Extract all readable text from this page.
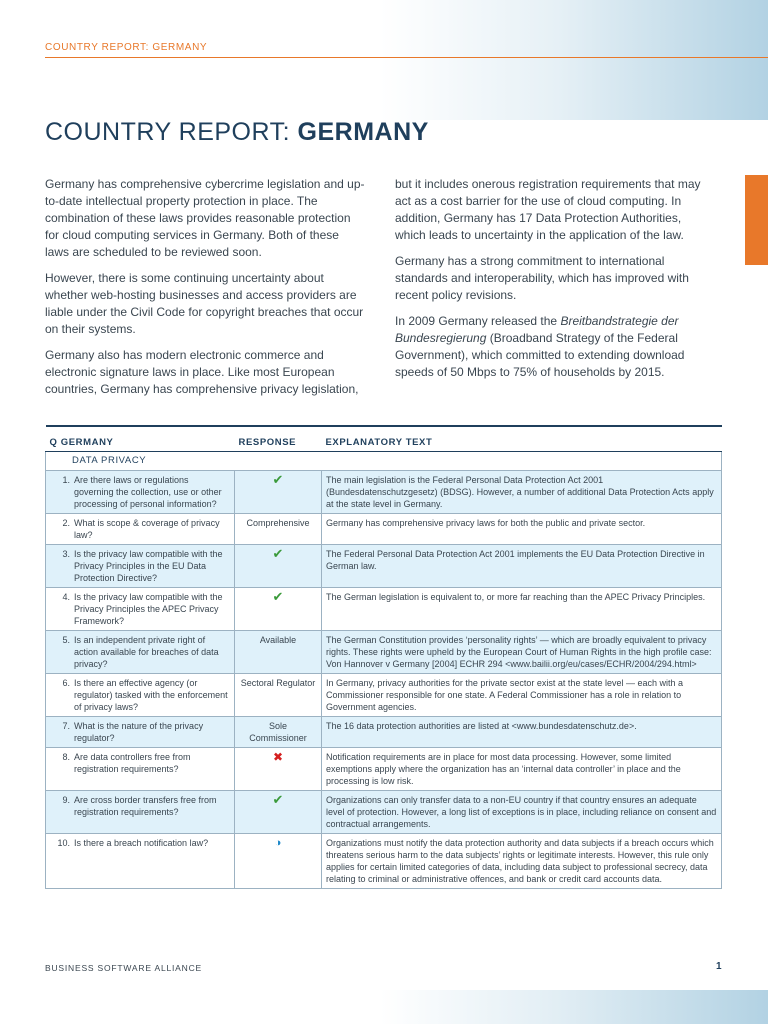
COUNTRY REPORT: GERMANY
COUNTRY REPORT: GERMANY

Germany has comprehensive cybercrime legislation and up-to-date intellectual property protection in place. The combination of these laws provides reasonable protection for cloud computing services in Germany. Both of these laws are scheduled to be reviewed soon.

However, there is some continuing uncertainty about whether web-hosting businesses and access providers are liable under the Civil Code for copyright breaches that occur on their systems.

Germany also has modern electronic commerce and electronic signature laws in place. Like most European countries, Germany has comprehensive privacy legislation,

but it includes onerous registration requirements that may act as a cost barrier for the use of cloud computing. In addition, Germany has 17 Data Protection Authorities, which leads to uncertainty in the application of the law.

Germany has a strong commitment to international standards and interoperability, which has improved with recent policy revisions.

In 2009 Germany released the Breitbandstrategie der Bundesregierung (Broadband Strategy of the Federal Government), which committed to extending download speeds of 50 Mbps to 75% of households by 2015.

Q GERMANY	RESPONSE	EXPLANATORY TEXT
DATA PRIVACY		

1. Are there laws or regulations governing the collection, use or other processing of personal information?	✔	The main legislation is the Federal Personal Data Protection Act 2001 (Bundesdatenschutzgesetz) (BDSG). However, a number of additional Data Protection Acts apply at the state level in Germany.

2. What is scope & coverage of privacy law?	Comprehensive	Germany has comprehensive privacy laws for both the public and private sector.

3. Is the privacy law compatible with the Privacy Principles in the EU Data Protection Directive?	✔	The Federal Personal Data Protection Act 2001 implements the EU Data Protection Directive in German law.

4. Is the privacy law compatible with the Privacy Principles the APEC Privacy Framework?	✔	The German legislation is equivalent to, or more far reaching than the APEC Privacy Principles.

5. Is an independent private right of action available for breaches of data privacy?	Available	The German Constitution provides ‘personality rights’ — which are broadly equivalent to privacy rights. These rights were upheld by the European Court of Human Rights in the high profile case: Von Hannover v Germany [2004] ECHR 294 <www.bailii.org/eu/cases/ECHR/2004/294.html>

6. Is there an effective agency (or regulator) tasked with the enforcement of privacy laws?	Sectoral Regulator	In Germany, privacy authorities for the private sector exist at the state level — each with a Commissioner responsible for one state. A Federal Commissioner has a role in relation to Government agencies.

7. What is the nature of the privacy regulator?	Sole Commissioner	The 16 data protection authorities are listed at <www.bundesdatenschutz.de>.

8. Are data controllers free from registration requirements?	✖	Notification requirements are in place for most data processing. However, some limited exemptions apply where the organization has an ‘internal data controller’ in place and the processing is low risk.

9. Are cross border transfers free from registration requirements?	✔	Organizations can only transfer data to a non-EU country if that country ensures an adequate level of protection. However, a long list of exceptions is in place, including reliance on consent and contractual arrangements.

10. Is there a breach notification law?	◑	Organizations must notify the data protection authority and data subjects if a breach occurs which threatens serious harm to the data subjects’ rights or legitimate interests. However, this rule only applies for certain limited categories of data, including data subject to professional secrecy, data relating to criminal or administrative offences, and bank or credit card accounts data.
BUSINESS SOFTWARE ALLIANCE	1
